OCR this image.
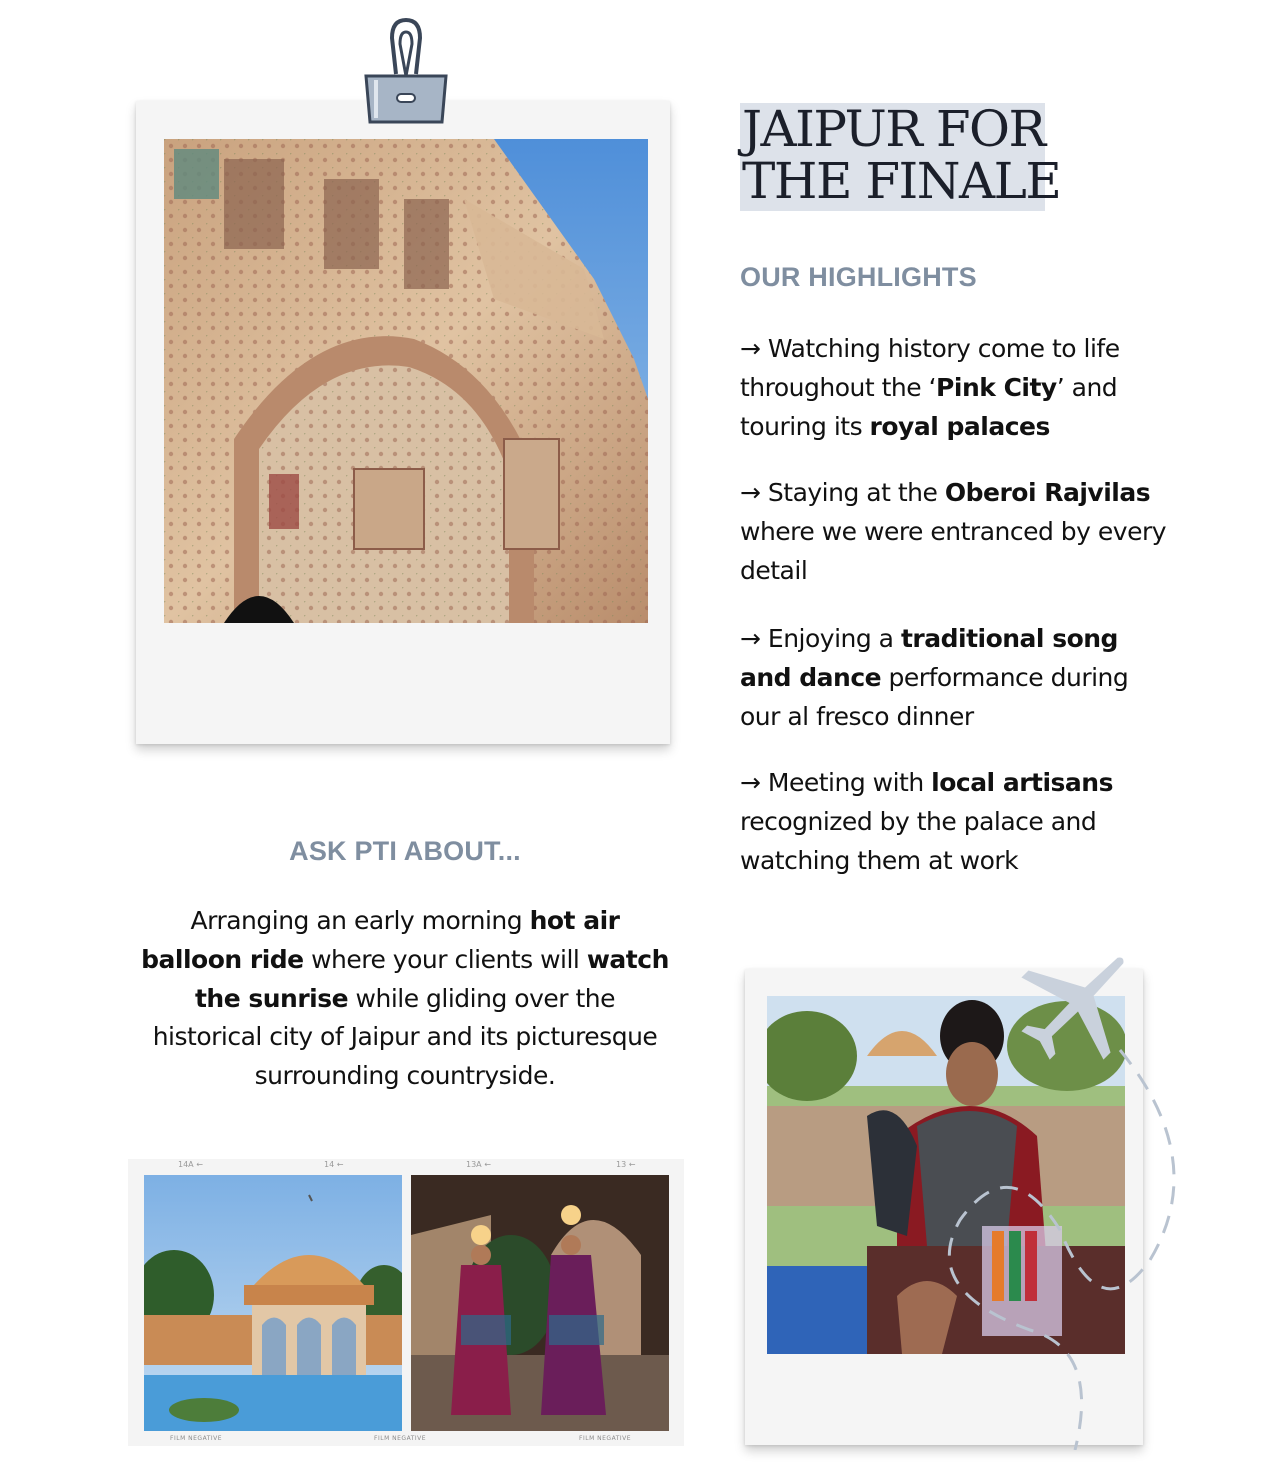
JAIPUR FOR
THE FINALE
OUR HIGHLIGHTS
→ Watching history come to life throughout the ‘Pink City’ and touring its royal palaces
→ Staying at the Oberoi Rajvilas where we were entranced by every detail
→ Enjoying a traditional song and dance performance during our al fresco dinner
→ Meeting with local artisans recognized by the palace and watching them at work
ASK PTI ABOUT...
Arranging an early morning hot air balloon ride where your clients will watch the sunrise while gliding over the historical city of Jaipur and its picturesque surrounding countryside.
14A ←	14 ←	13A ←	13 ←
FILM NEGATIVE	FILM NEGATIVE	FILM NEGATIVE
